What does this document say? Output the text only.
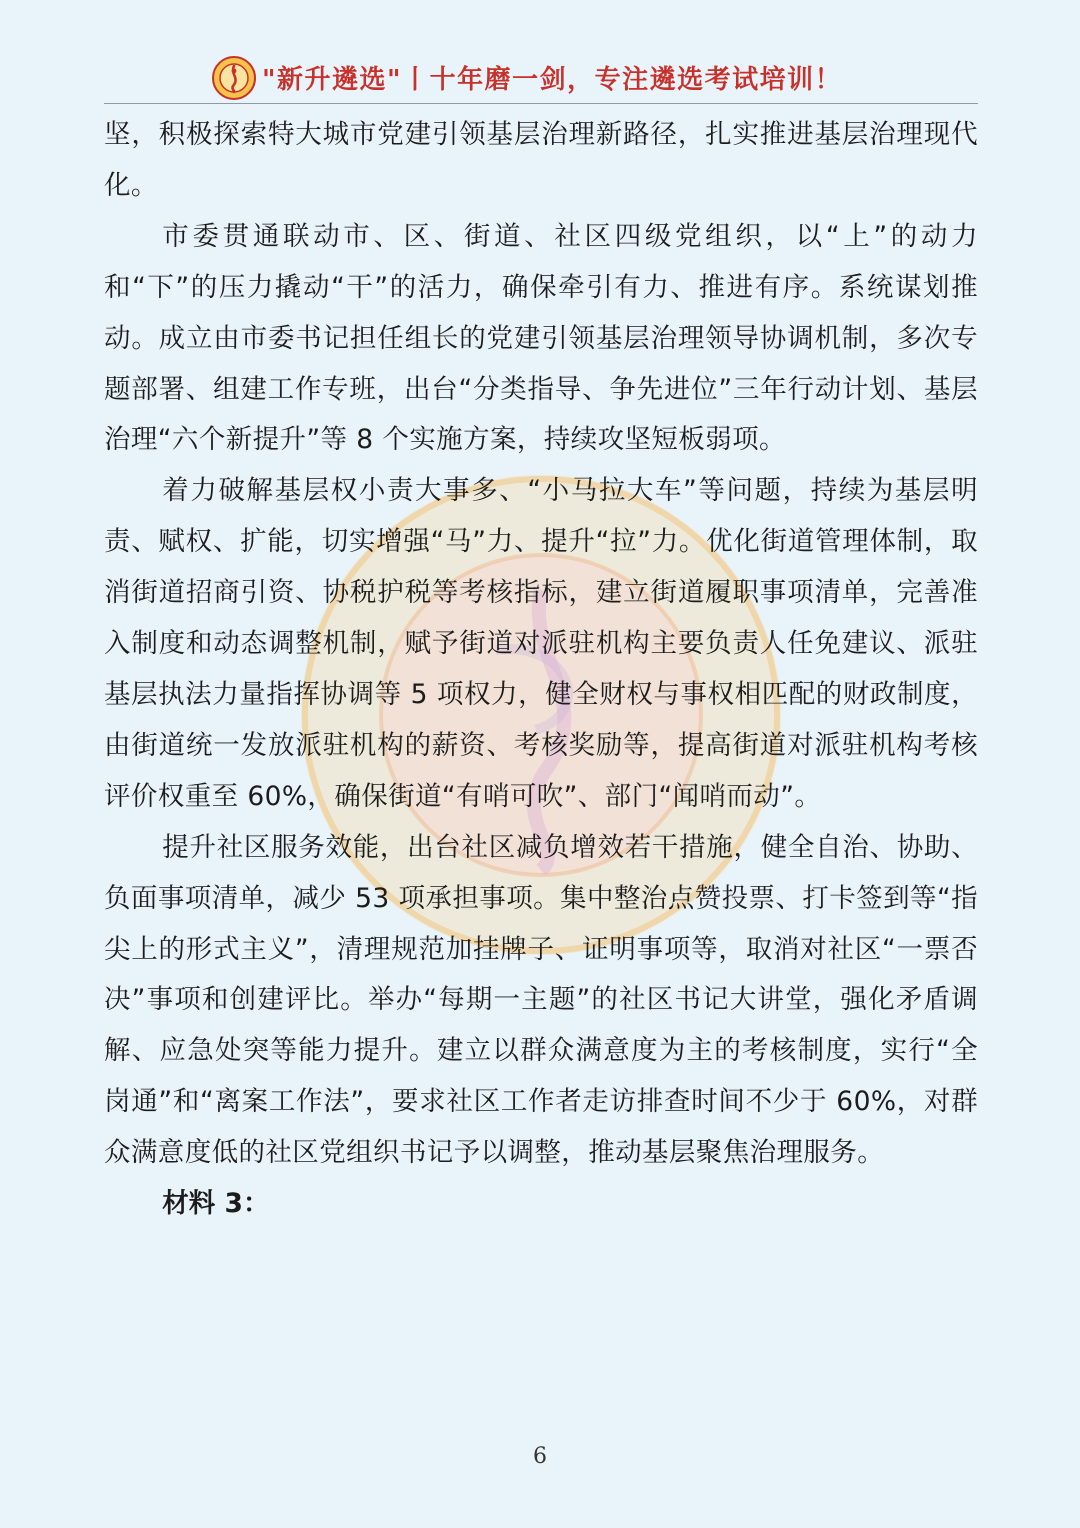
"新升遴选"丨十年磨一剑，专注遴选考试培训！

坚，积极探索特大城市党建引领基层治理新路径，扎实推进基层治理现代化。

市委贯通联动市、区、街道、社区四级党组织，以“上”的动力和“下”的压力撬动“干”的活力，确保牵引有力、推进有序。系统谋划推动。成立由市委书记担任组长的党建引领基层治理领导协调机制，多次专题部署、组建工作专班，出台“分类指导、争先进位”三年行动计划、基层治理“六个新提升”等 8 个实施方案，持续攻坚短板弱项。

着力破解基层权小责大事多、“小马拉大车”等问题，持续为基层明责、赋权、扩能，切实增强“马”力、提升“拉”力。优化街道管理体制，取消街道招商引资、协税护税等考核指标，建立街道履职事项清单，完善准入制度和动态调整机制，赋予街道对派驻机构主要负责人任免建议、派驻基层执法力量指挥协调等 5 项权力，健全财权与事权相匹配的财政制度，由街道统一发放派驻机构的薪资、考核奖励等，提高街道对派驻机构考核评价权重至 60%，确保街道“有哨可吹”、部门“闻哨而动”。

提升社区服务效能，出台社区减负增效若干措施，健全自治、协助、负面事项清单，减少 53 项承担事项。集中整治点赞投票、打卡签到等“指尖上的形式主义”，清理规范加挂牌子、证明事项等，取消对社区“一票否决”事项和创建评比。举办“每期一主题”的社区书记大讲堂，强化矛盾调解、应急处突等能力提升。建立以群众满意度为主的考核制度，实行“全岗通”和“离案工作法”，要求社区工作者走访排查时间不少于 60%，对群众满意度低的社区党组织书记予以调整，推动基层聚焦治理服务。

材料 3：

6
